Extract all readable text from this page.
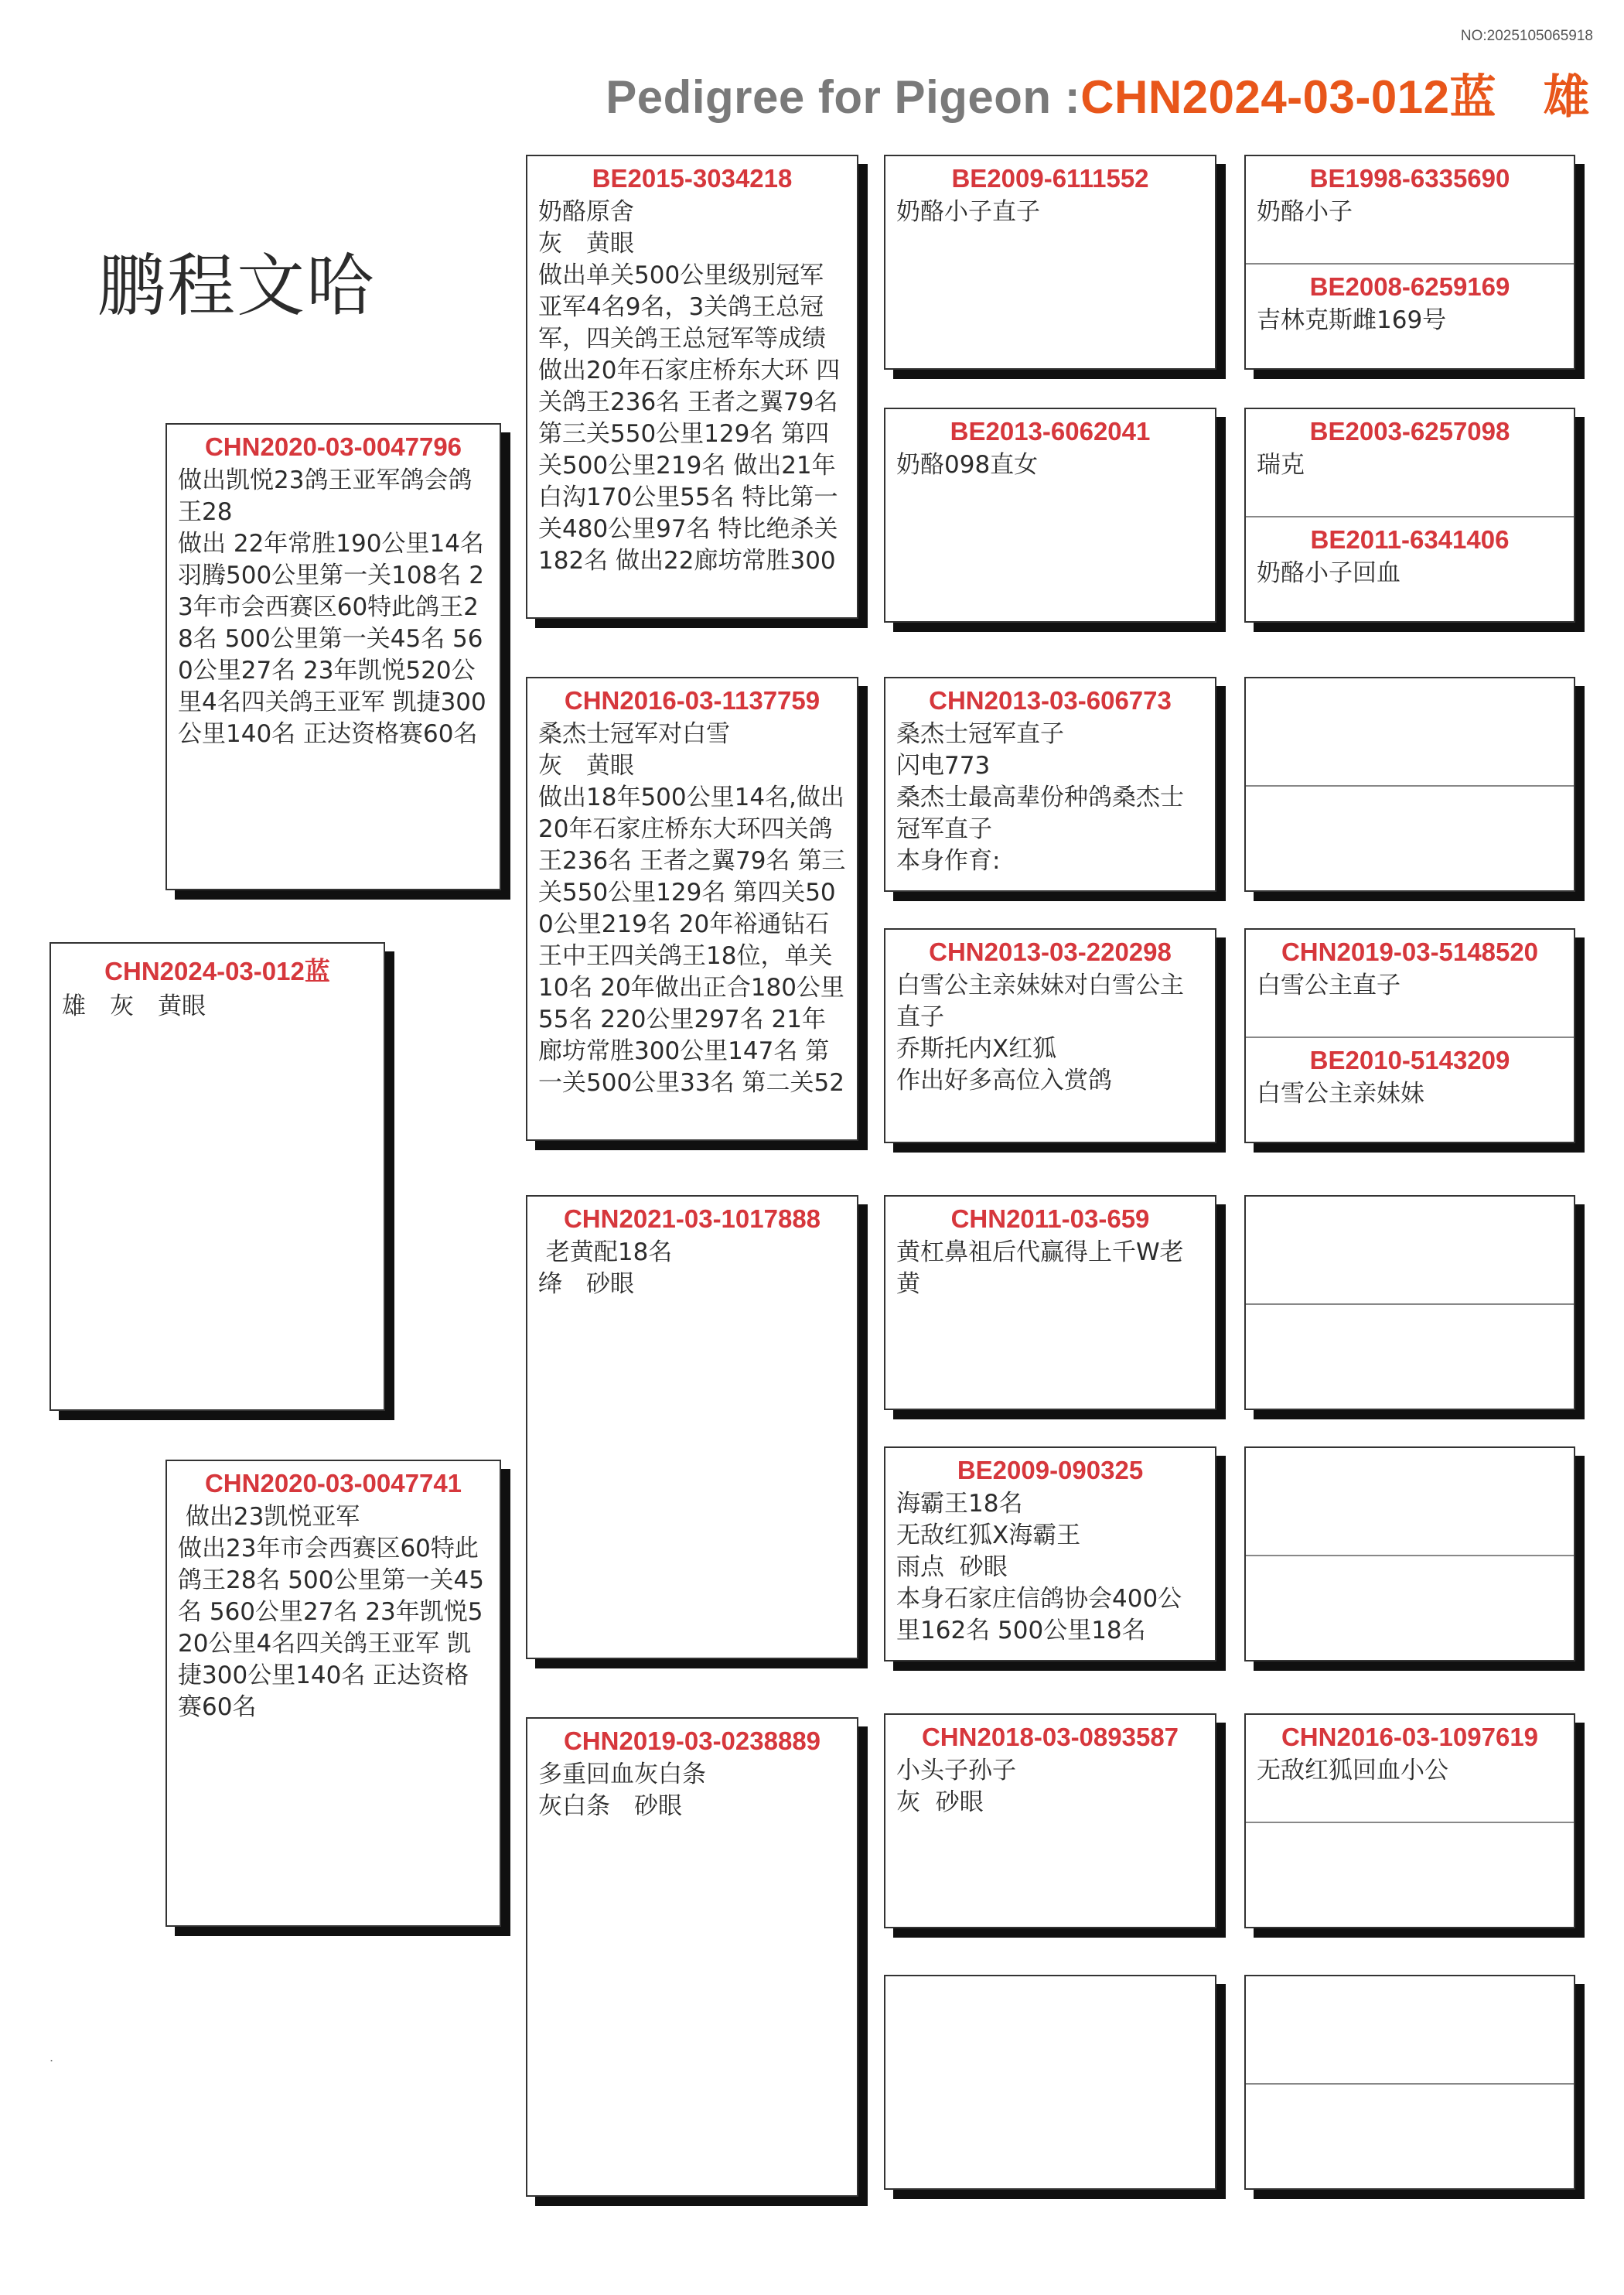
NO:2025105065918
Pedigree for Pigeon :CHN2024-03-012蓝　雄
鹏程文哈
CHN2024-03-012蓝
雄　灰　黄眼
CHN2020-03-0047796
做出凯悦23鸽王亚军鸽会鸽王28
做出 22年常胜190公里14名 羽腾500公里第一关108名 23年市会西赛区60特此鸽王28名 500公里第一关45名 560公里27名 23年凯悦520公里4名四关鸽王亚军 凯捷300公里140名 正达资格赛60名
CHN2020-03-0047741
做出23凯悦亚军
做出23年市会西赛区60特此鸽王28名 500公里第一关45名 560公里27名 23年凯悦520公里4名四关鸽王亚军 凯捷300公里140名 正达资格赛60名
BE2015-3034218
奶酪原舍
灰　黄眼
做出单关500公里级别冠军亚军4名9名，3关鸽王总冠军，四关鸽王总冠军等成绩  做出20年石家庄桥东大环 四关鸽王236名 王者之翼79名 第三关550公里129名 第四关500公里219名 做出21年白沟170公里55名 特比第一关480公里97名 特比绝杀关182名 做出22廊坊常胜300
CHN2016-03-1137759
桑杰士冠军对白雪
灰　黄眼
做出18年500公里14名,做出20年石家庄桥东大环四关鸽王236名 王者之翼79名 第三关550公里129名 第四关500公里219名 20年裕通钻石王中王四关鸽王18位，单关10名 20年做出正合180公里55名 220公里297名 21年廊坊常胜300公里147名 第一关500公里33名 第二关52
CHN2021-03-1017888
老黄配18名
绛　砂眼
CHN2019-03-0238889
多重回血灰白条
灰白条　砂眼
BE2009-6111552
奶酪小子直子
BE2013-6062041
奶酪098直女
CHN2013-03-606773
桑杰士冠军直子
闪电773
桑杰士最高辈份种鸽桑杰士冠军直子
本身作育:
CHN2013-03-220298
白雪公主亲妹妹对白雪公主直子
乔斯托内X红狐
作出好多高位入赏鸽
CHN2011-03-659
黄杠鼻祖后代赢得上千W老黄
BE2009-090325
海霸王18名
无敌红狐X海霸王
雨点  砂眼
本身石家庄信鸽协会400公里162名 500公里18名
CHN2018-03-0893587
小头子孙子
灰  砂眼
BE1998-6335690
奶酪小子
BE2008-6259169
吉林克斯雌169号
BE2003-6257098
瑞克
BE2011-6341406
奶酪小子回血
CHN2019-03-5148520
白雪公主直子
BE2010-5143209
白雪公主亲妹妹
CHN2016-03-1097619
无敌红狐回血小公
.
